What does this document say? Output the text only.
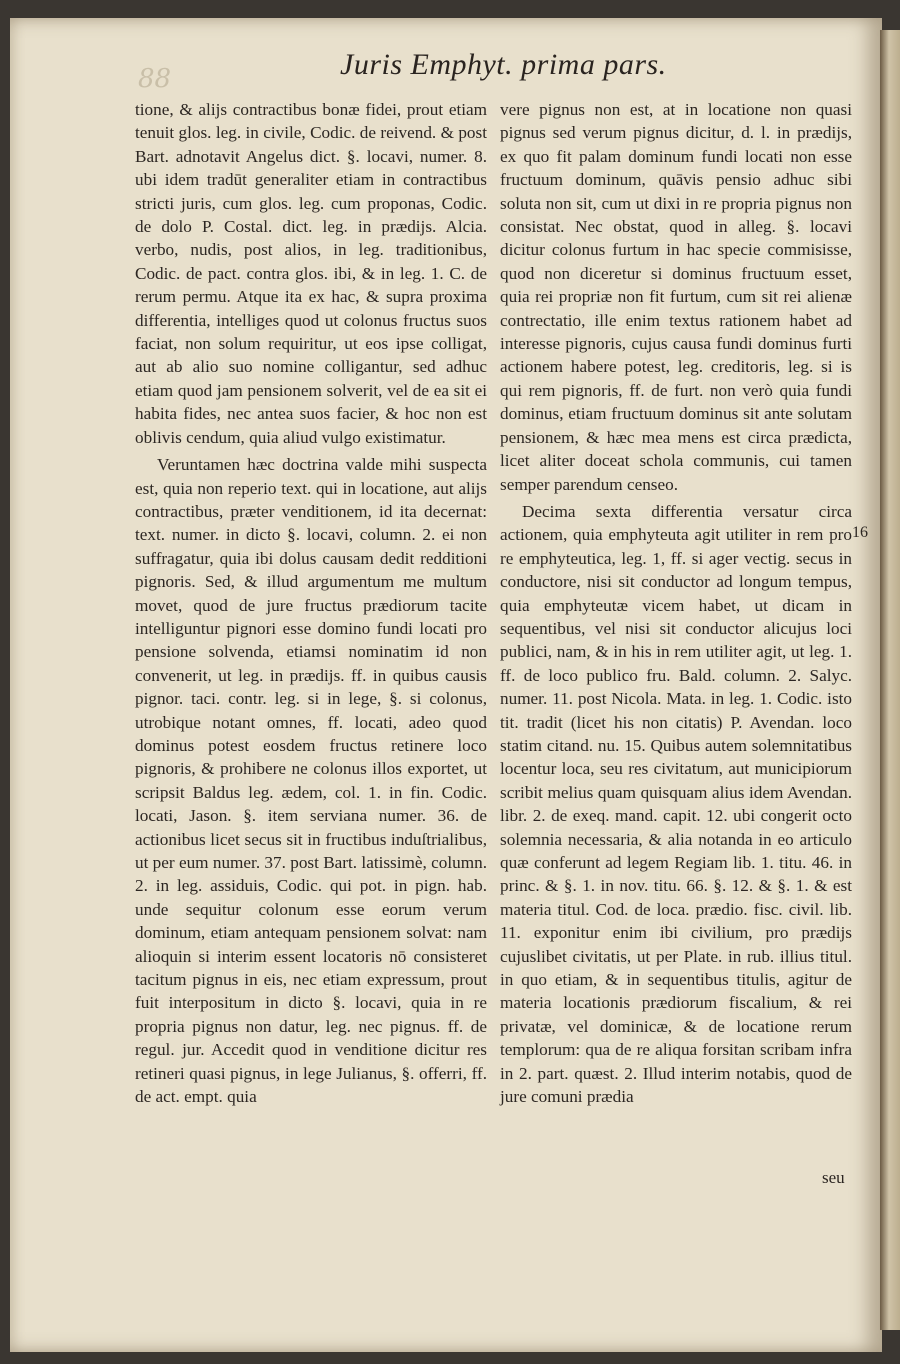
88	Juris Emphyt. prima pars.

tione, & alijs contractibus bonæ fidei, prout etiam tenuit glos. leg. in civile, Codic. de reivend. & post Bart. adnotavit Angelus dict. §. locavi, numer. 8. ubi idem tradūt generaliter etiam in contractibus stricti juris, cum glos. leg. cum proponas, Codic. de dolo P. Costal. dict. leg. in prædijs. Alcia. verbo, nudis, post alios, in leg. traditionibus, Codic. de pact. contra glos. ibi, & in leg. 1. C. de rerum permu. Atque ita ex hac, & supra proxima differentia, intelliges quod ut colonus fructus suos faciat, non solum requiritur, ut eos ipse colligat, aut ab alio suo nomine colligantur, sed adhuc etiam quod jam pensionem solverit, vel de ea sit ei habita fides, nec antea suos facier, & hoc non est oblivis cendum, quia aliud vulgo existimatur.

Veruntamen hæc doctrina valde mihi suspecta est, quia non reperio text. qui in locatione, aut alijs contractibus, præter venditionem, id ita decernat: text. numer. in dicto §. locavi, column. 2. ei non suffragatur, quia ibi dolus causam dedit redditioni pignoris. Sed, & illud argumentum me multum movet, quod de jure fructus prædiorum tacite intelliguntur pignori esse domino fundi locati pro pensione solvenda, etiamsi nominatim id non convenerit, ut leg. in prædijs. ff. in quibus causis pignor. taci. contr. leg. si in lege, §. si colonus, utrobique notant omnes, ff. locati, adeo quod dominus potest eosdem fructus retinere loco pignoris, & prohibere ne colonus illos exportet, ut scripsit Baldus leg. ædem, col. 1. in fin. Codic. locati, Jason. §. item serviana numer. 36. de actionibus licet secus sit in fructibus induſtrialibus, ut per eum numer. 37. post Bart. latissimè, column. 2. in leg. assiduis, Codic. qui pot. in pign. hab. unde sequitur colonum esse eorum verum dominum, etiam antequam pensionem solvat: nam alioquin si interim essent locatoris nō consisteret tacitum pignus in eis, nec etiam expressum, prout fuit interpositum in dicto §. locavi, quia in re propria pignus non datur, leg. nec pignus. ff. de regul. jur. Accedit quod in venditione dicitur res retineri quasi pignus, in lege Julianus, §. offerri, ff. de act. empt. quia

vere pignus non est, at in locatione non quasi pignus sed verum pignus dicitur, d. l. in prædijs, ex quo fit palam dominum fundi locati non esse fructuum dominum, quāvis pensio adhuc sibi soluta non sit, cum ut dixi in re propria pignus non consistat. Nec obstat, quod in alleg. §. locavi dicitur colonus furtum in hac specie commisisse, quod non diceretur si dominus fructuum esset, quia rei propriæ non fit furtum, cum sit rei alienæ contrectatio, ille enim textus rationem habet ad interesse pignoris, cujus causa fundi dominus furti actionem habere potest, leg. creditoris, leg. si is qui rem pignoris, ff. de furt. non verò quia fundi dominus, etiam fructuum dominus sit ante solutam pensionem, & hæc mea mens est circa prædicta, licet aliter doceat schola communis, cui tamen semper parendum censeo.

Decima sexta differentia versatur circa actionem, quia emphyteuta agit utiliter in rem pro re emphyteutica, leg. 1, ff. si ager vectig. secus in conductore, nisi sit conductor ad longum tempus, quia emphyteutæ vicem habet, ut dicam in sequentibus, vel nisi sit conductor alicujus loci publici, nam, & in his in rem utiliter agit, ut leg. 1. ff. de loco publico fru. Bald. column. 2. Salyc. numer. 11. post Nicola. Mata. in leg. 1. Codic. isto tit. tradit (licet his non citatis) P. Avendan. loco statim citand. nu. 15. Quibus autem solemnitatibus locentur loca, seu res civitatum, aut municipiorum scribit melius quam quisquam alius idem Avendan. libr. 2. de exeq. mand. capit. 12. ubi congerit octo solemnia necessaria, & alia notanda in eo articulo quæ conferunt ad legem Regiam lib. 1. titu. 46. in princ. & §. 1. in nov. titu. 66. §. 12. & §. 1. & est materia titul. Cod. de loca. prædio. fisc. civil. lib. 11. exponitur enim ibi civilium, pro prædijs cujuslibet civitatis, ut per Plate. in rub. illius titul. in quo etiam, & in sequentibus titulis, agitur de materia locationis prædiorum fiscalium, & rei privatæ, vel dominicæ, & de locatione rerum templorum: qua de re aliqua forsitan scribam infra in 2. part. quæst. 2. Illud interim notabis, quod de jure comuni prædia

16
seu
